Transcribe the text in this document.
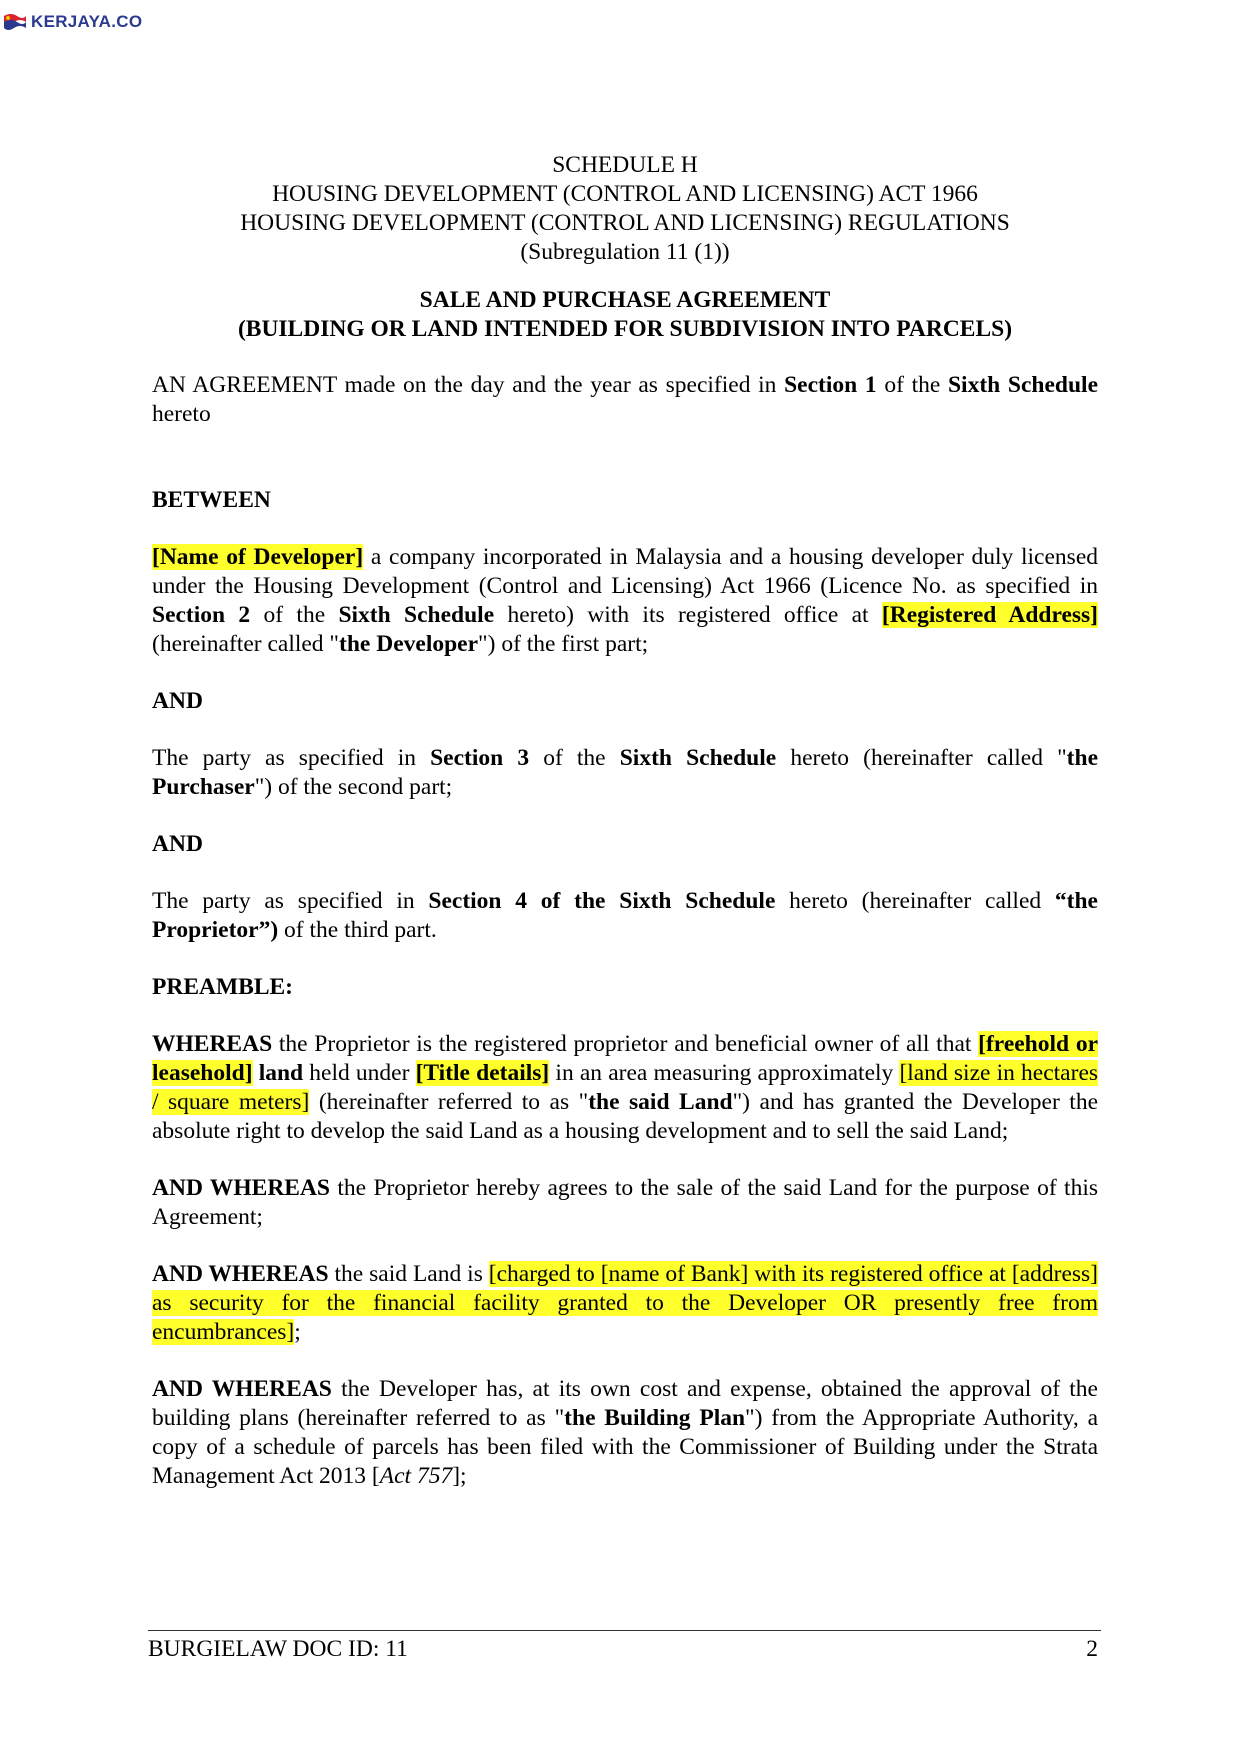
KERJAYA.CO
SCHEDULE H
HOUSING DEVELOPMENT (CONTROL AND LICENSING) ACT 1966
HOUSING DEVELOPMENT (CONTROL AND LICENSING) REGULATIONS
(Subregulation 11 (1))
SALE AND PURCHASE AGREEMENT
(BUILDING OR LAND INTENDED FOR SUBDIVISION INTO PARCELS)

AN AGREEMENT made on the day and the year as specified in Section 1 of the Sixth Schedule hereto

BETWEEN

[Name of Developer] a company incorporated in Malaysia and a housing developer duly licensed under the Housing Development (Control and Licensing) Act 1966 (Licence No. as specified in Section 2 of the Sixth Schedule hereto) with its registered office at [Registered Address] (hereinafter called "the Developer") of the first part;

AND

The party as specified in Section 3 of the Sixth Schedule hereto (hereinafter called "the Purchaser") of the second part;

AND

The party as specified in Section 4 of the Sixth Schedule hereto (hereinafter called “the Proprietor”) of the third part.

PREAMBLE:

WHEREAS the Proprietor is the registered proprietor and beneficial owner of all that [freehold or leasehold] land held under [Title details] in an area measuring approximately [land size in hectares / square meters] (hereinafter referred to as "the said Land") and has granted the Developer the absolute right to develop the said Land as a housing development and to sell the said Land;

AND WHEREAS the Proprietor hereby agrees to the sale of the said Land for the purpose of this Agreement;

AND WHEREAS the said Land is [charged to [name of Bank] with its registered office at [address] as security for the financial facility granted to the Developer OR presently free from encumbrances];

AND WHEREAS the Developer has, at its own cost and expense, obtained the approval of the building plans (hereinafter referred to as "the Building Plan") from the Appropriate Authority, a copy of a schedule of parcels has been filed with the Commissioner of Building under the Strata Management Act 2013 [Act 757];

BURGIELAW DOC ID: 11	2
